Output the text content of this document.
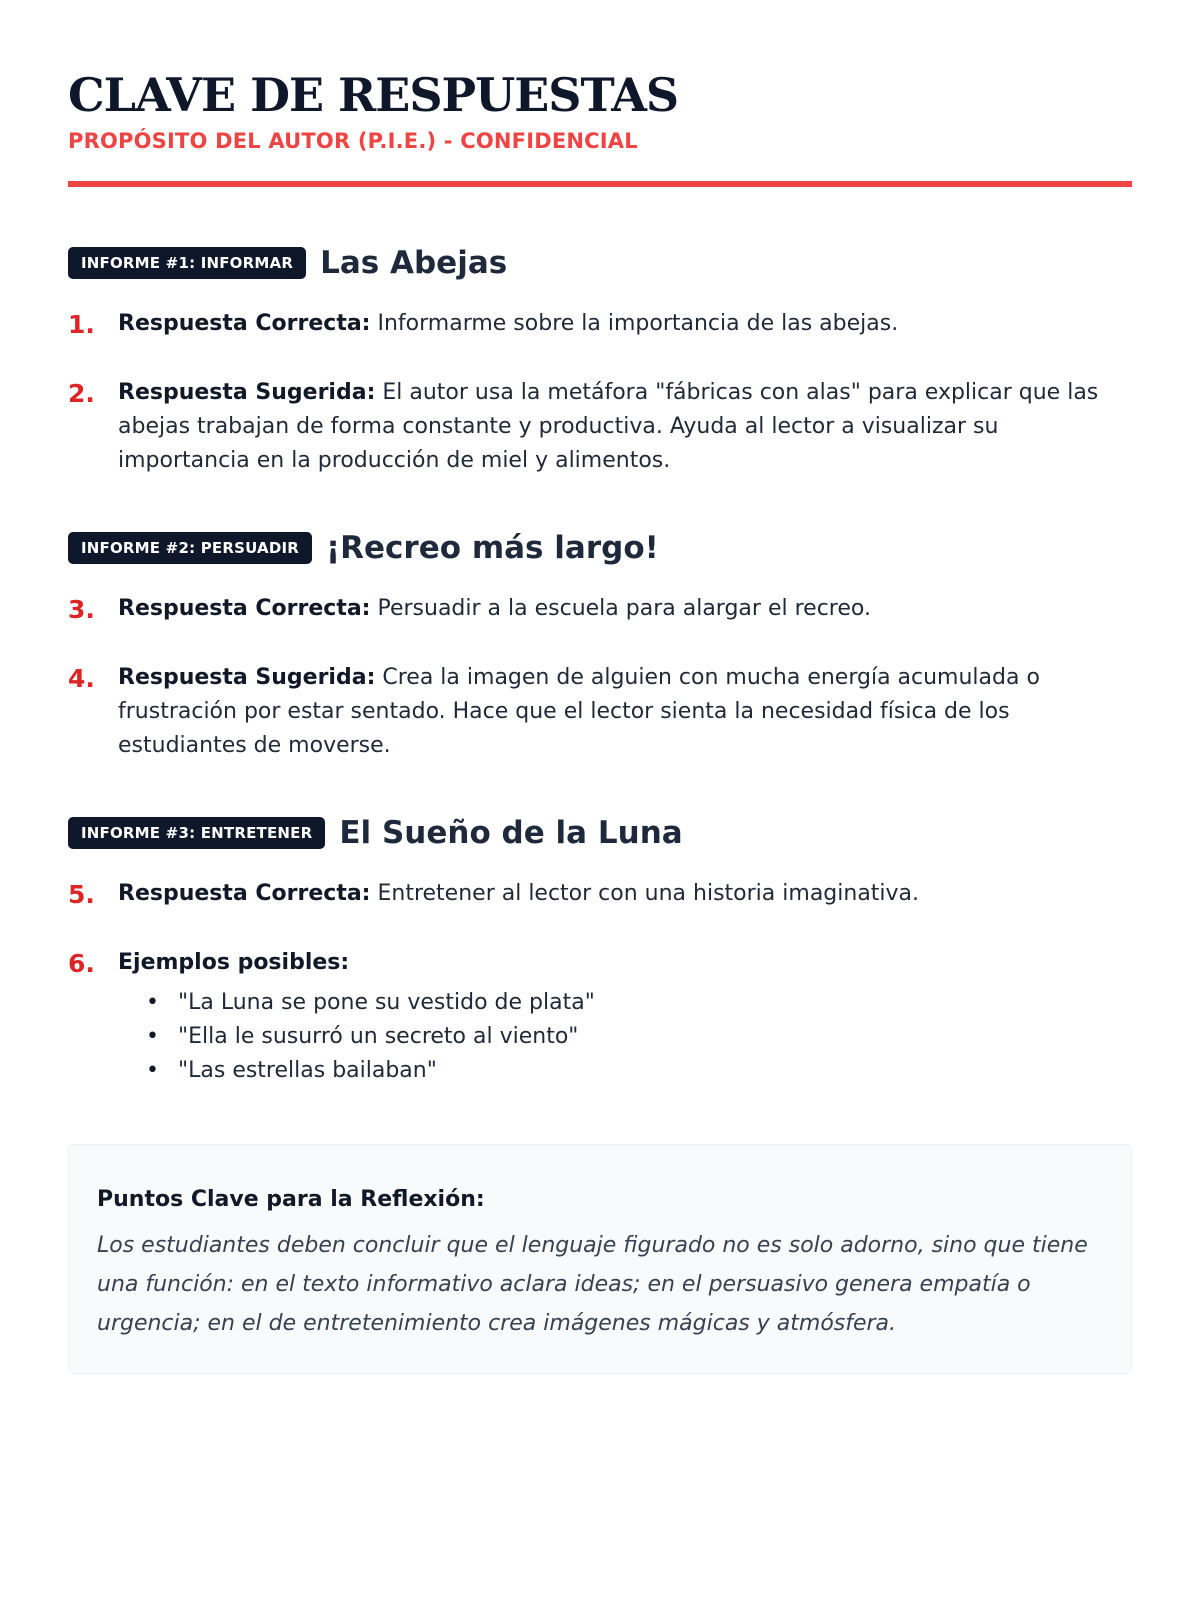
CLAVE DE RESPUESTAS
PROPÓSITO DEL AUTOR (P.I.E.) - CONFIDENCIAL
INFORME #1: INFORMAR Las Abejas
1.	Respuesta Correcta: Informarme sobre la importancia de las abejas.
2.	Respuesta Sugerida: El autor usa la metáfora "fábricas con alas" para explicar que las abejas trabajan de forma constante y productiva. Ayuda al lector a visualizar su importancia en la producción de miel y alimentos.
INFORME #2: PERSUADIR ¡Recreo más largo!
3.	Respuesta Correcta: Persuadir a la escuela para alargar el recreo.
4.	Respuesta Sugerida: Crea la imagen de alguien con mucha energía acumulada o frustración por estar sentado. Hace que el lector sienta la necesidad física de los estudiantes de moverse.
INFORME #3: ENTRETENER El Sueño de la Luna
5.	Respuesta Correcta: Entretener al lector con una historia imaginativa.
6.	Ejemplos posibles:
• "La Luna se pone su vestido de plata"
• "Ella le susurró un secreto al viento"
• "Las estrellas bailaban"
Puntos Clave para la Reflexión:
Los estudiantes deben concluir que el lenguaje figurado no es solo adorno, sino que tiene una función: en el texto informativo aclara ideas; en el persuasivo genera empatía o urgencia; en el de entretenimiento crea imágenes mágicas y atmósfera.
